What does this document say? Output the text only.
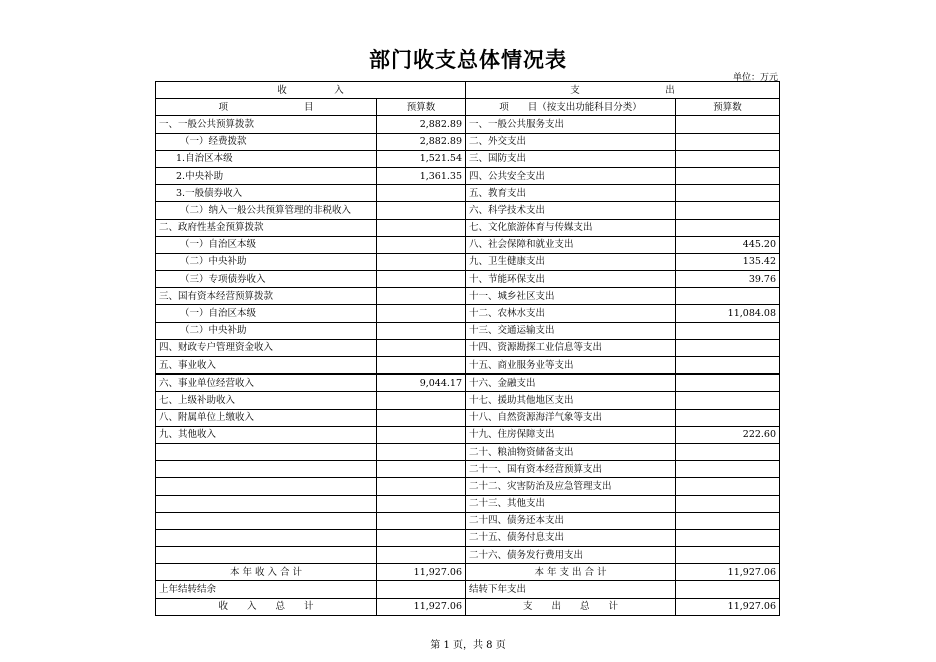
部门收支总体情况表
单位：万元
收　　　　　入		支　　　　　　　　　出	
项　　　　　　　　目	预算数	项　　目（按支出功能科目分类）	预算数
一、一般公共预算拨款	2,882.89	一、一般公共服务支出	
（一）经费拨款	2,882.89	二、外交支出	
1.自治区本级	1,521.54	三、国防支出	
2.中央补助	1,361.35	四、公共安全支出	
3.一般债券收入		五、教育支出	
（二）纳入一般公共预算管理的非税收入		六、科学技术支出	
二、政府性基金预算拨款		七、文化旅游体育与传媒支出	
（一）自治区本级		八、社会保障和就业支出	445.20
（二）中央补助		九、卫生健康支出	135.42
（三）专项债券收入		十、节能环保支出	39.76
三、国有资本经营预算拨款		十一、城乡社区支出	
（一）自治区本级		十二、农林水支出	11,084.08
（二）中央补助		十三、交通运输支出	
四、财政专户管理资金收入		十四、资源勘探工业信息等支出	
五、事业收入		十五、商业服务业等支出	
六、事业单位经营收入	9,044.17	十六、金融支出	
七、上级补助收入		十七、援助其他地区支出	
八、附属单位上缴收入		十八、自然资源海洋气象等支出	
九、其他收入		十九、住房保障支出	222.60
		二十、粮油物资储备支出	
		二十一、国有资本经营预算支出	
		二十二、灾害防治及应急管理支出	
		二十三、其他支出	
		二十四、债务还本支出	
		二十五、债务付息支出	
		二十六、债务发行费用支出	
本 年 收 入 合 计	11,927.06	本 年 支 出 合 计	11,927.06
上年结转结余		结转下年支出	
收　　入　　总　　计	11,927.06	支　　出　　总　　计	11,927.06
第 1 页，共 8 页
